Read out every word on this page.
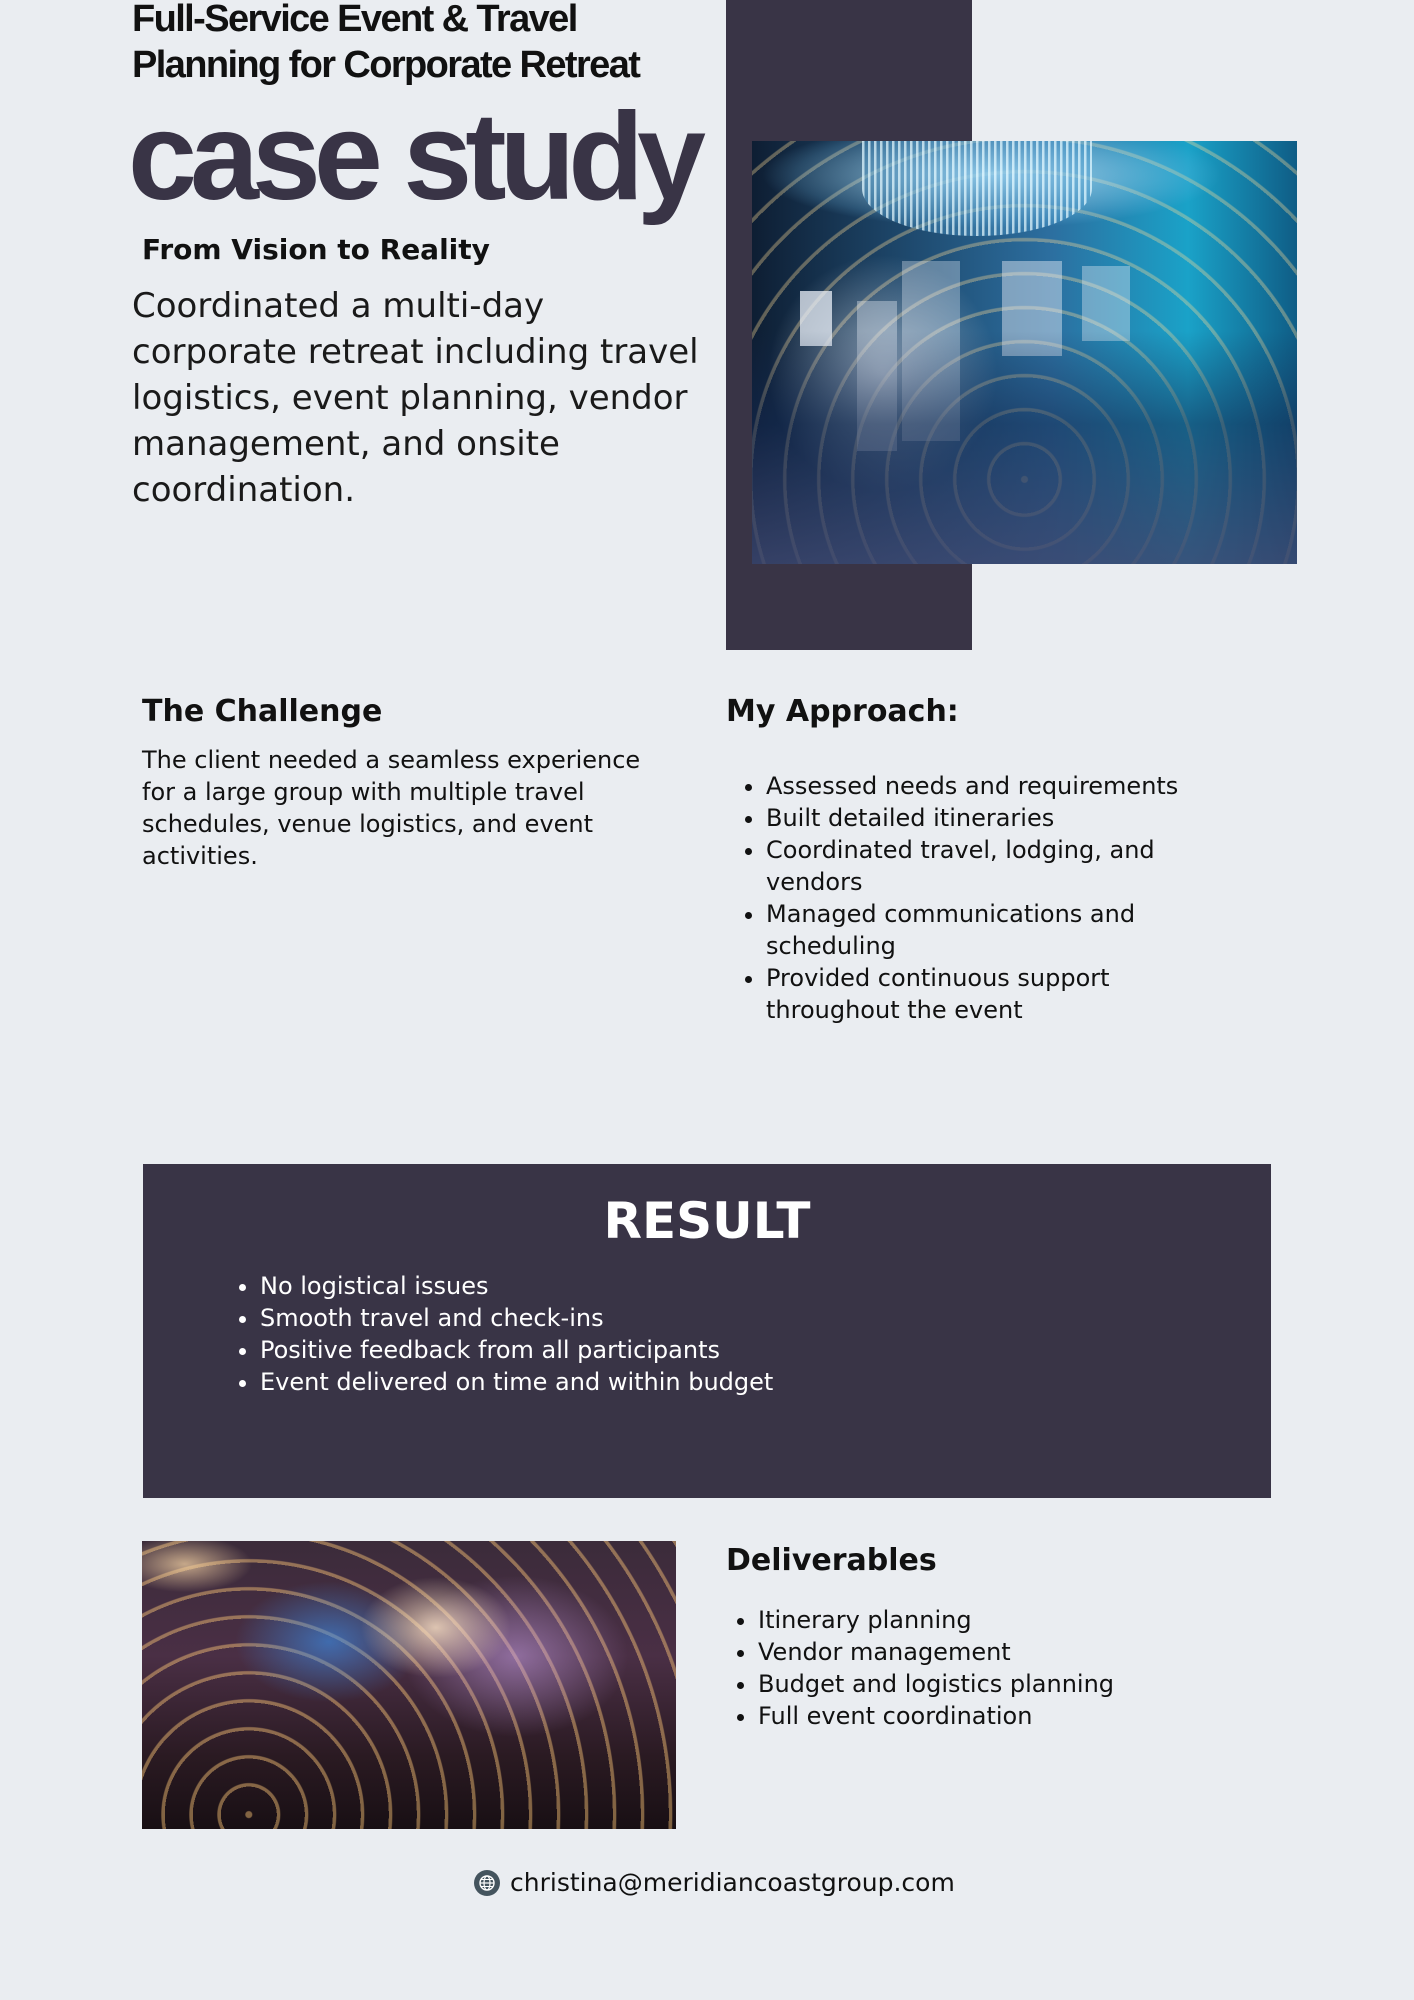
Full-Service Event & Travel
Planning for Corporate Retreat
case study
From Vision to Reality

Coordinated a multi-day corporate retreat including travel logistics, event planning, vendor management, and onsite coordination.

The Challenge

The client needed a seamless experience for a large group with multiple travel schedules, venue logistics, and event activities.

My Approach:
• Assessed needs and requirements
• Built detailed itineraries
• Coordinated travel, lodging, and vendors
• Managed communications and scheduling
• Provided continuous support throughout the event
RESULT
• No logistical issues
• Smooth travel and check-ins
• Positive feedback from all participants
• Event delivered on time and within budget
Deliverables
• Itinerary planning
• Vendor management
• Budget and logistics planning
• Full event coordination
christina@meridiancoastgroup.com
